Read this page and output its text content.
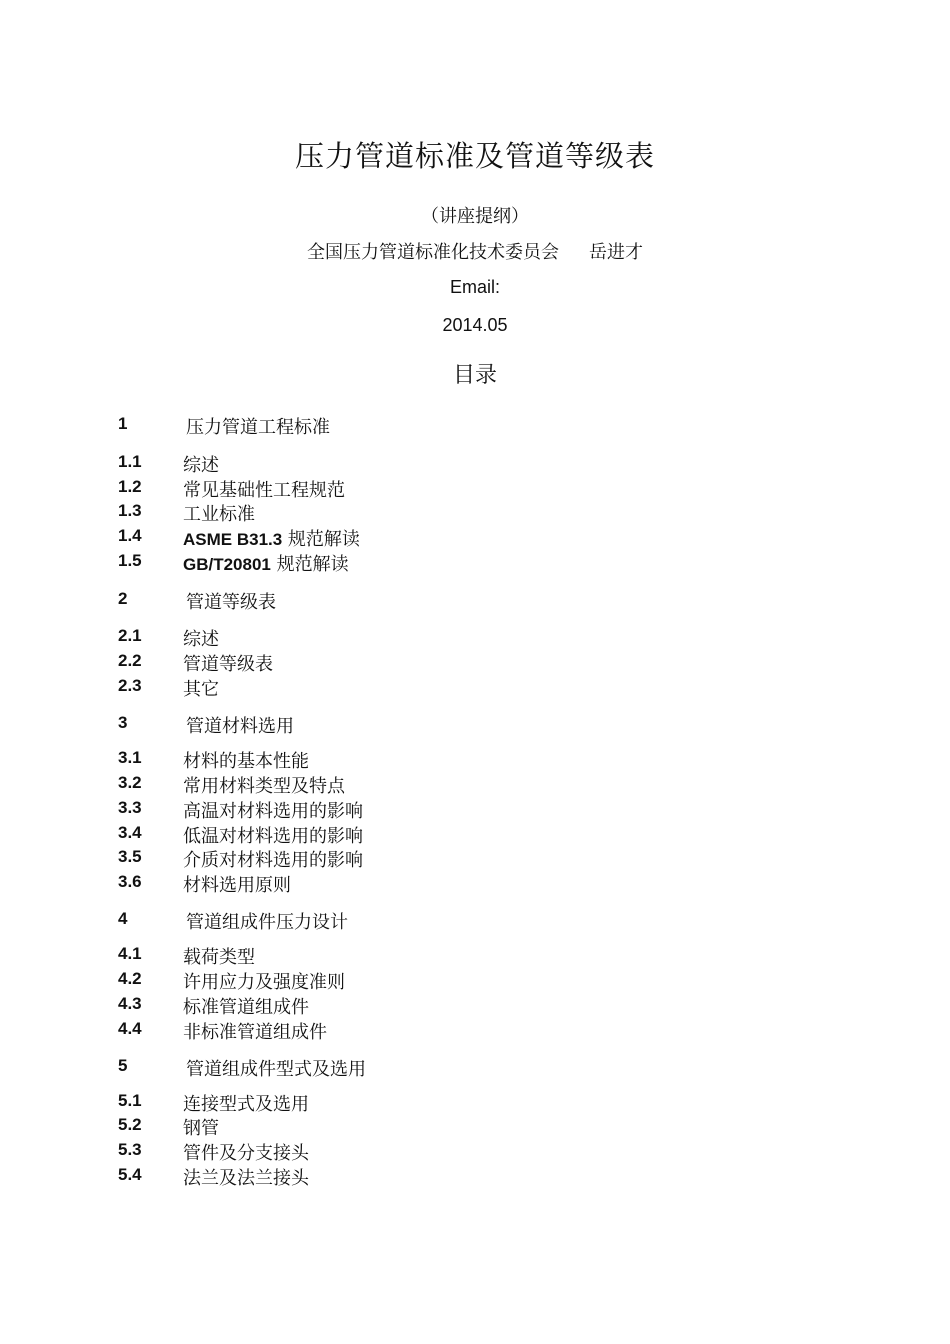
压力管道标准及管道等级表
（讲座提纲）
全国压力管道标准化技术委员会 岳进才
Email:
2014.05
目录
1	压力管道工程标准
1.1 综述
1.2 常见基础性工程规范
1.3 工业标准
1.4 ASME B31.3 规范解读
1.5 GB/T20801 规范解读
2	管道等级表
2.1 综述
2.2 管道等级表
2.3 其它
3	管道材料选用
3.1 材料的基本性能
3.2 常用材料类型及特点
3.3 高温对材料选用的影响
3.4 低温对材料选用的影响
3.5 介质对材料选用的影响
3.6 材料选用原则
4	管道组成件压力设计
4.1 载荷类型
4.2 许用应力及强度准则
4.3 标准管道组成件
4.4 非标准管道组成件
5	管道组成件型式及选用
5.1 连接型式及选用
5.2 钢管
5.3 管件及分支接头
5.4 法兰及法兰接头
